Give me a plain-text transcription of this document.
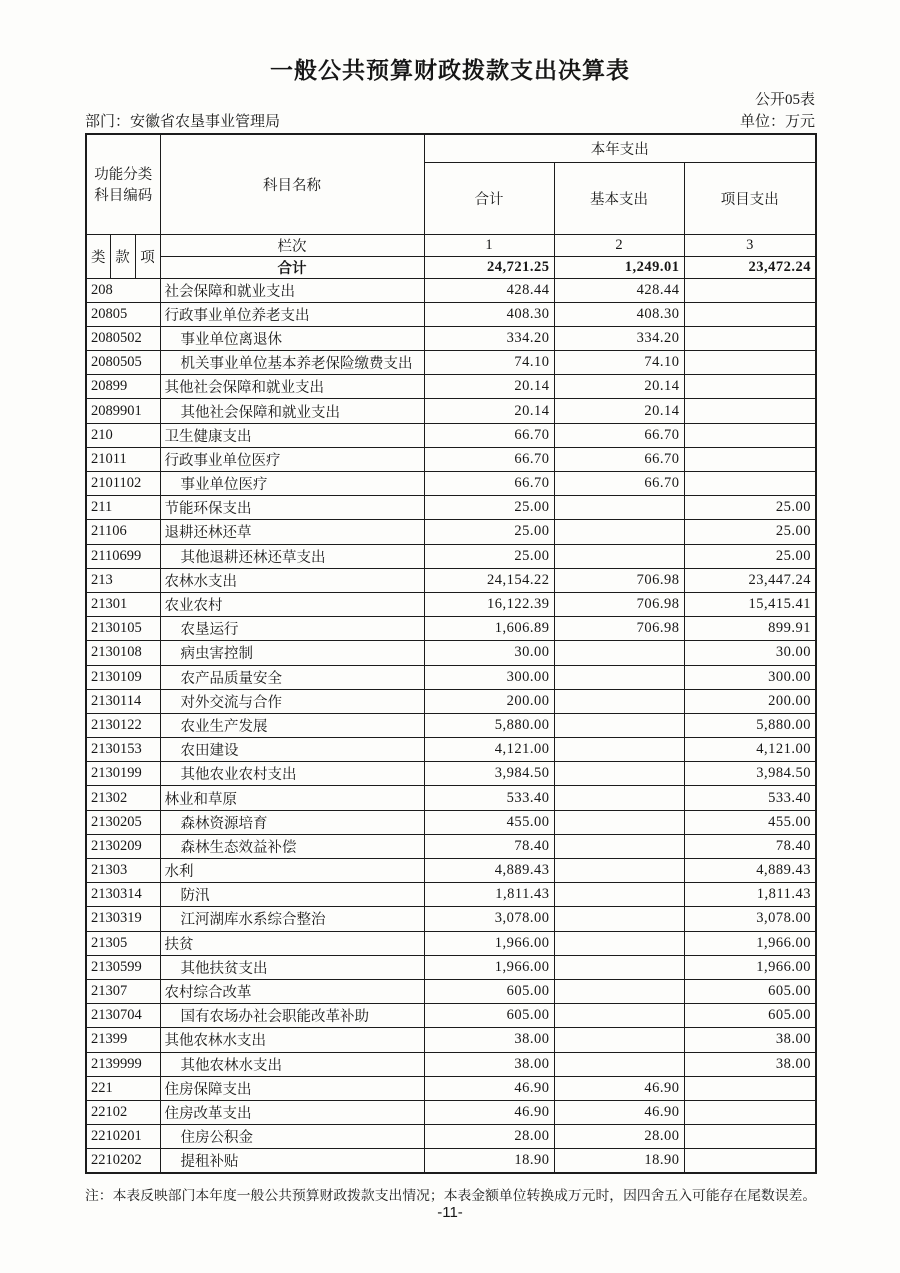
一般公共预算财政拨款支出决算表
公开05表
部门：安徽省农垦事业管理局	单位：万元
功能分类科目编码			科目名称	本年支出		
				合计	基本支出	项目支出
类	款	项	栏次	1	2	3
			合计	24,721.25	1,249.01	23,472.24
208			社会保障和就业支出	428.44	428.44	
20805			行政事业单位养老支出	408.30	408.30	
2080502			事业单位离退休	334.20	334.20	
2080505			机关事业单位基本养老保险缴费支出	74.10	74.10	
20899			其他社会保障和就业支出	20.14	20.14	
2089901			其他社会保障和就业支出	20.14	20.14	
210			卫生健康支出	66.70	66.70	
21011			行政事业单位医疗	66.70	66.70	
2101102			事业单位医疗	66.70	66.70	
211			节能环保支出	25.00		25.00
21106			退耕还林还草	25.00		25.00
2110699			其他退耕还林还草支出	25.00		25.00
213			农林水支出	24,154.22	706.98	23,447.24
21301			农业农村	16,122.39	706.98	15,415.41
2130105			农垦运行	1,606.89	706.98	899.91
2130108			病虫害控制	30.00		30.00
2130109			农产品质量安全	300.00		300.00
2130114			对外交流与合作	200.00		200.00
2130122			农业生产发展	5,880.00		5,880.00
2130153			农田建设	4,121.00		4,121.00
2130199			其他农业农村支出	3,984.50		3,984.50
21302			林业和草原	533.40		533.40
2130205			森林资源培育	455.00		455.00
2130209			森林生态效益补偿	78.40		78.40
21303			水利	4,889.43		4,889.43
2130314			防汛	1,811.43		1,811.43
2130319			江河湖库水系综合整治	3,078.00		3,078.00
21305			扶贫	1,966.00		1,966.00
2130599			其他扶贫支出	1,966.00		1,966.00
21307			农村综合改革	605.00		605.00
2130704			国有农场办社会职能改革补助	605.00		605.00
21399			其他农林水支出	38.00		38.00
2139999			其他农林水支出	38.00		38.00
221			住房保障支出	46.90	46.90	
22102			住房改革支出	46.90	46.90	
2210201			住房公积金	28.00	28.00	
2210202			提租补贴	18.90	18.90	
注：本表反映部门本年度一般公共预算财政拨款支出情况；本表金额单位转换成万元时，因四舍五入可能存在尾数误差。
-11-
